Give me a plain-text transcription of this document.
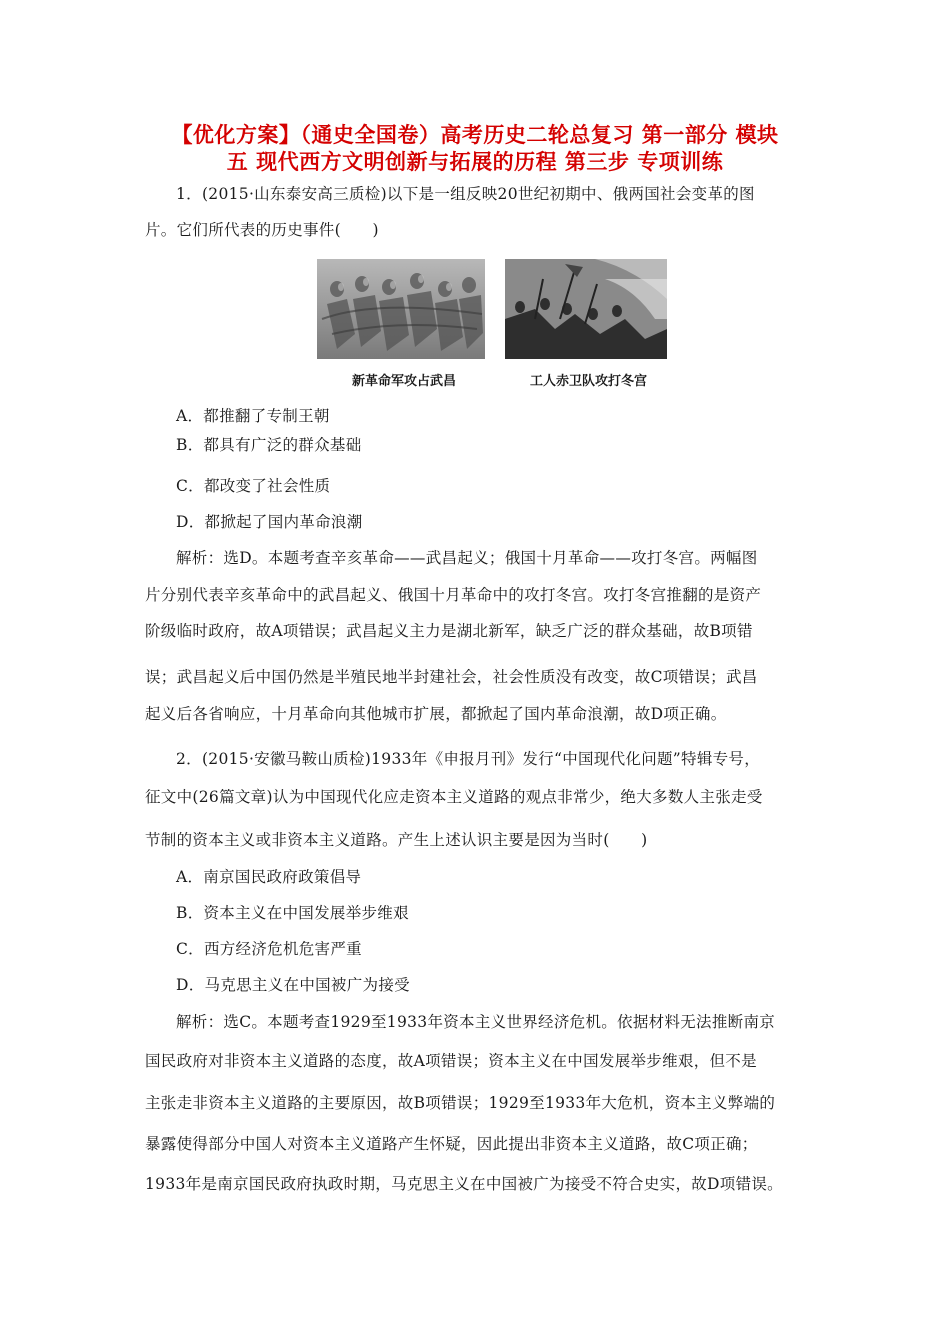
【优化方案】（通史全国卷）高考历史二轮总复习 第一部分 模块
五 现代西方文明创新与拓展的历程 第三步 专项训练
1．(2015·山东泰安高三质检)以下是一组反映20世纪初期中、俄两国社会变革的图
片。它们所代表的历史事件(　　)
新革命军攻占武昌	工人赤卫队攻打冬宫
A．都推翻了专制王朝
B．都具有广泛的群众基础
C．都改变了社会性质
D．都掀起了国内革命浪潮
解析：选D。本题考查辛亥革命——武昌起义；俄国十月革命——攻打冬宫。两幅图
片分别代表辛亥革命中的武昌起义、俄国十月革命中的攻打冬宫。攻打冬宫推翻的是资产
阶级临时政府，故A项错误；武昌起义主力是湖北新军，缺乏广泛的群众基础，故B项错
误；武昌起义后中国仍然是半殖民地半封建社会，社会性质没有改变，故C项错误；武昌
起义后各省响应，十月革命向其他城市扩展，都掀起了国内革命浪潮，故D项正确。
2．(2015·安徽马鞍山质检)1933年《申报月刊》发行“中国现代化问题”特辑专号，
征文中(26篇文章)认为中国现代化应走资本主义道路的观点非常少，绝大多数人主张走受
节制的资本主义或非资本主义道路。产生上述认识主要是因为当时(　　)
A．南京国民政府政策倡导
B．资本主义在中国发展举步维艰
C．西方经济危机危害严重
D．马克思主义在中国被广为接受
解析：选C。本题考查1929至1933年资本主义世界经济危机。依据材料无法推断南京
国民政府对非资本主义道路的态度，故A项错误；资本主义在中国发展举步维艰，但不是
主张走非资本主义道路的主要原因，故B项错误；1929至1933年大危机，资本主义弊端的
暴露使得部分中国人对资本主义道路产生怀疑，因此提出非资本主义道路，故C项正确；
1933年是南京国民政府执政时期，马克思主义在中国被广为接受不符合史实，故D项错误。
